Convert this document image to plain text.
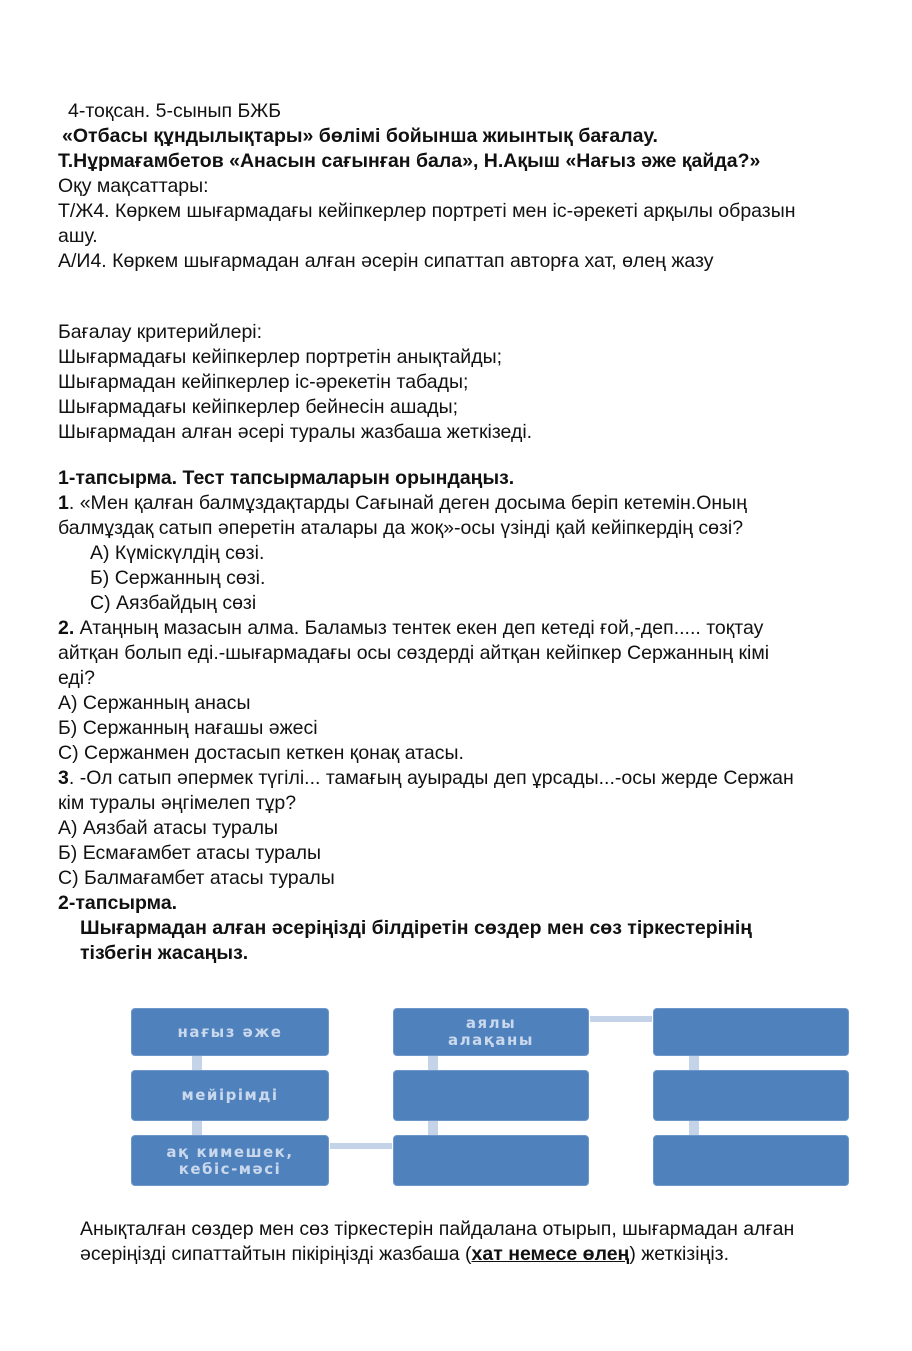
4-тоқсан. 5-сынып БЖБ
«Отбасы құндылықтары» бөлімі бойынша жиынтық бағалау.
Т.Нұрмағамбетов «Анасын сағынған бала», Н.Ақыш «Нағыз әже қайда?»
Оқу мақсаттары:
Т/Ж4. Көркем шығармадағы кейіпкерлер портреті мен іс-әрекеті арқылы образын
ашу.
А/И4. Көркем шығармадан алған әсерін сипаттап авторға хат, өлең жазу
Бағалау критерийлері:
Шығармадағы кейіпкерлер портретін анықтайды;
Шығармадан кейіпкерлер іс-әрекетін табады;
Шығармадағы кейіпкерлер бейнесін ашады;
Шығармадан алған әсері туралы жазбаша жеткізеді.
1-тапсырма. Тест тапсырмаларын орындаңыз.
1. «Мен қалған балмұздақтарды Сағынай деген досыма беріп кетемін.Оның
балмұздақ сатып әперетін аталары да жоқ»-осы үзінді қай кейіпкердің сөзі?
А) Күміскүлдің сөзі.
Б) Сержанның сөзі.
С) Аязбайдың сөзі
2. Атаңның мазасын алма. Баламыз тентек екен деп кетеді ғой,-деп..... тоқтау
айтқан болып еді.-шығармадағы осы сөздерді айтқан кейіпкер Сержанның кімі
еді?
А) Сержанның анасы
Б) Сержанның нағашы әжесі
С) Сержанмен достасып кеткен қонақ атасы.
3. -Ол сатып әпермек түгілі... тамағың ауырады деп ұрсады...-осы жерде Сержан
кім туралы әңгімелеп тұр?
А) Аязбай атасы туралы
Б) Есмағамбет атасы туралы
С) Балмағамбет атасы туралы
2-тапсырма.
Шығармадан алған әсеріңізді білдіретін сөздер мен сөз тіркестерінің
тізбегін жасаңыз.
нағыз әже
мейірімді
ақ кимешек,
кебіс-мәсі
аялы
алақаны
Анықталған сөздер мен сөз тіркестерін пайдалана отырып, шығармадан алған
әсеріңізді сипаттайтын пікіріңізді жазбаша (хат немесе өлең) жеткізіңіз.
